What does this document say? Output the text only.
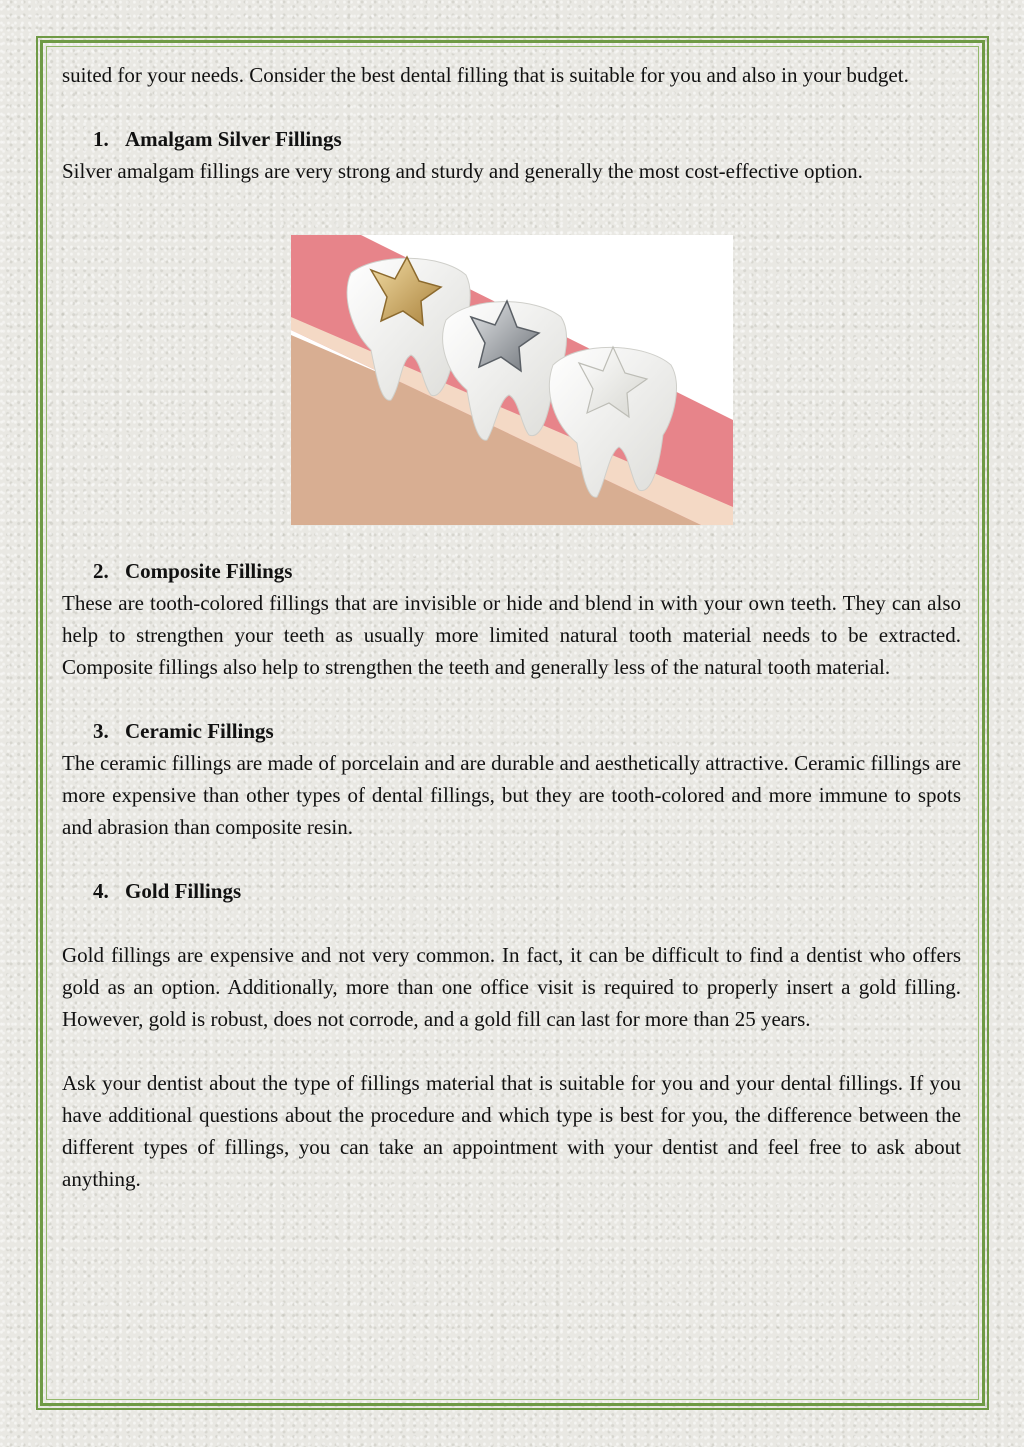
suited for your needs. Consider the best dental filling that is suitable for you and also in your budget.

1. Amalgam Silver Fillings

Silver amalgam fillings are very strong and sturdy and generally the most cost-effective option.

2. Composite Fillings

These are tooth-colored fillings that are invisible or hide and blend in with your own teeth. They can also help to strengthen your teeth as usually more limited natural tooth material needs to be extracted. Composite fillings also help to strengthen the teeth and generally less of the natural tooth material.

3. Ceramic Fillings

The ceramic fillings are made of porcelain and are durable and aesthetically attractive. Ceramic fillings are more expensive than other types of dental fillings, but they are tooth-colored and more immune to spots and abrasion than composite resin.

4. Gold Fillings

Gold fillings are expensive and not very common. In fact, it can be difficult to find a dentist who offers gold as an option. Additionally, more than one office visit is required to properly insert a gold filling. However, gold is robust, does not corrode, and a gold fill can last for more than 25 years.

Ask your dentist about the type of fillings material that is suitable for you and your dental fillings. If you have additional questions about the procedure and which type is best for you, the difference between the different types of fillings, you can take an appointment with your dentist and feel free to ask about anything.
